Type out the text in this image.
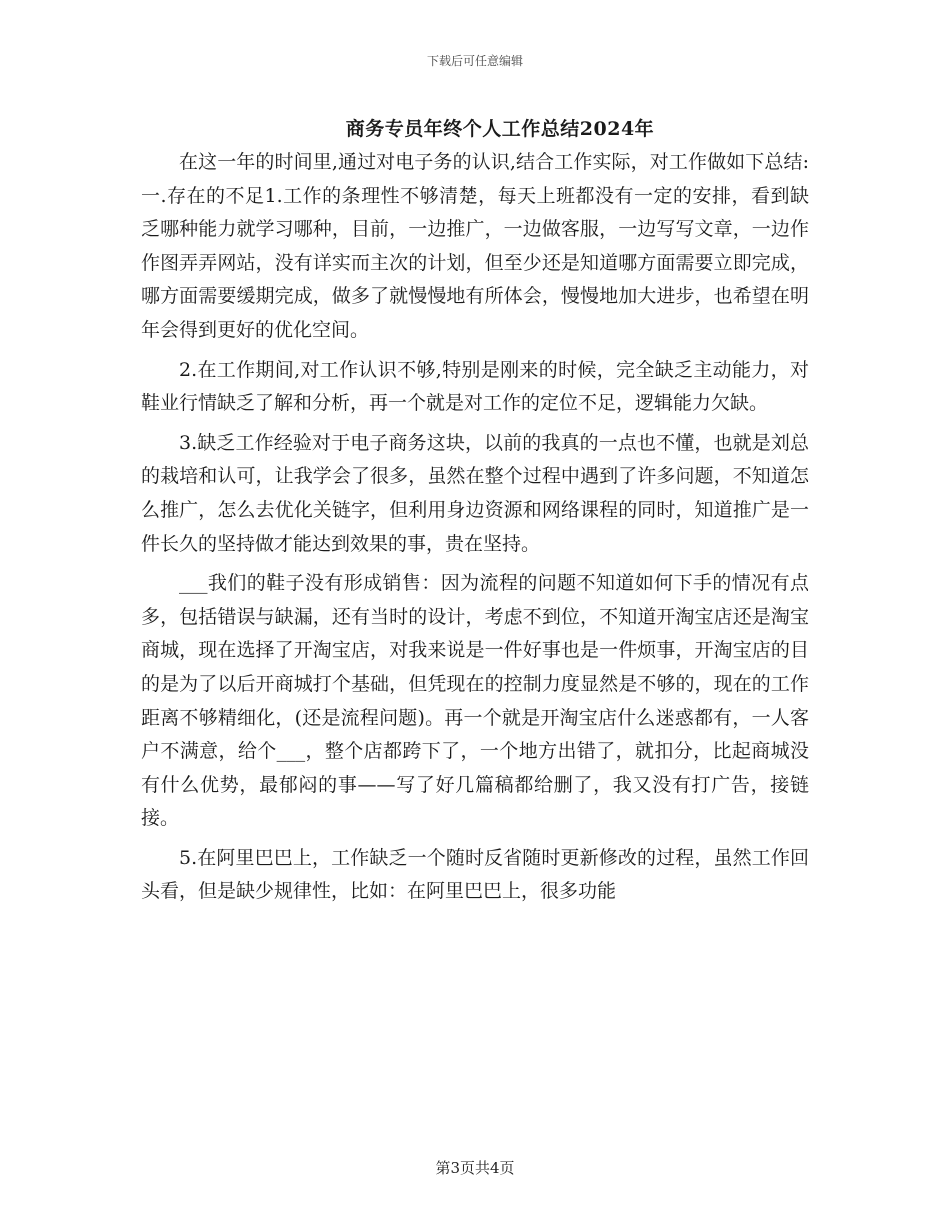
下载后可任意编辑
商务专员年终个人工作总结2024年

在这一年的时间里,通过对电子务的认识,结合工作实际，对工作做如下总结:一.存在的不足1.工作的条理性不够清楚，每天上班都没有一定的安排，看到缺乏哪种能力就学习哪种，目前，一边推广，一边做客服，一边写写文章，一边作作图弄弄网站，没有详实而主次的计划，但至少还是知道哪方面需要立即完成，哪方面需要缓期完成，做多了就慢慢地有所体会，慢慢地加大进步，也希望在明年会得到更好的优化空间。

2.在工作期间,对工作认识不够,特别是刚来的时候，完全缺乏主动能力，对鞋业行情缺乏了解和分析，再一个就是对工作的定位不足，逻辑能力欠缺。

3.缺乏工作经验对于电子商务这块，以前的我真的一点也不懂，也就是刘总的栽培和认可，让我学会了很多，虽然在整个过程中遇到了许多问题，不知道怎么推广，怎么去优化关链字，但利用身边资源和网络课程的同时，知道推广是一件长久的坚持做才能达到效果的事，贵在坚持。

___我们的鞋子没有形成销售：因为流程的问题不知道如何下手的情况有点多，包括错误与缺漏，还有当时的设计，考虑不到位，不知道开淘宝店还是淘宝商城，现在选择了开淘宝店，对我来说是一件好事也是一件烦事，开淘宝店的目的是为了以后开商城打个基础，但凭现在的控制力度显然是不够的，现在的工作距离不够精细化，(还是流程问题)。再一个就是开淘宝店什么迷惑都有，一人客户不满意，给个___，整个店都跨下了，一个地方出错了，就扣分，比起商城没有什么优势，最郁闷的事——写了好几篇稿都给删了，我又没有打广告，接链接。

5.在阿里巴巴上，工作缺乏一个随时反省随时更新修改的过程，虽然工作回头看，但是缺少规律性，比如：在阿里巴巴上，很多功能

第3页共4页
